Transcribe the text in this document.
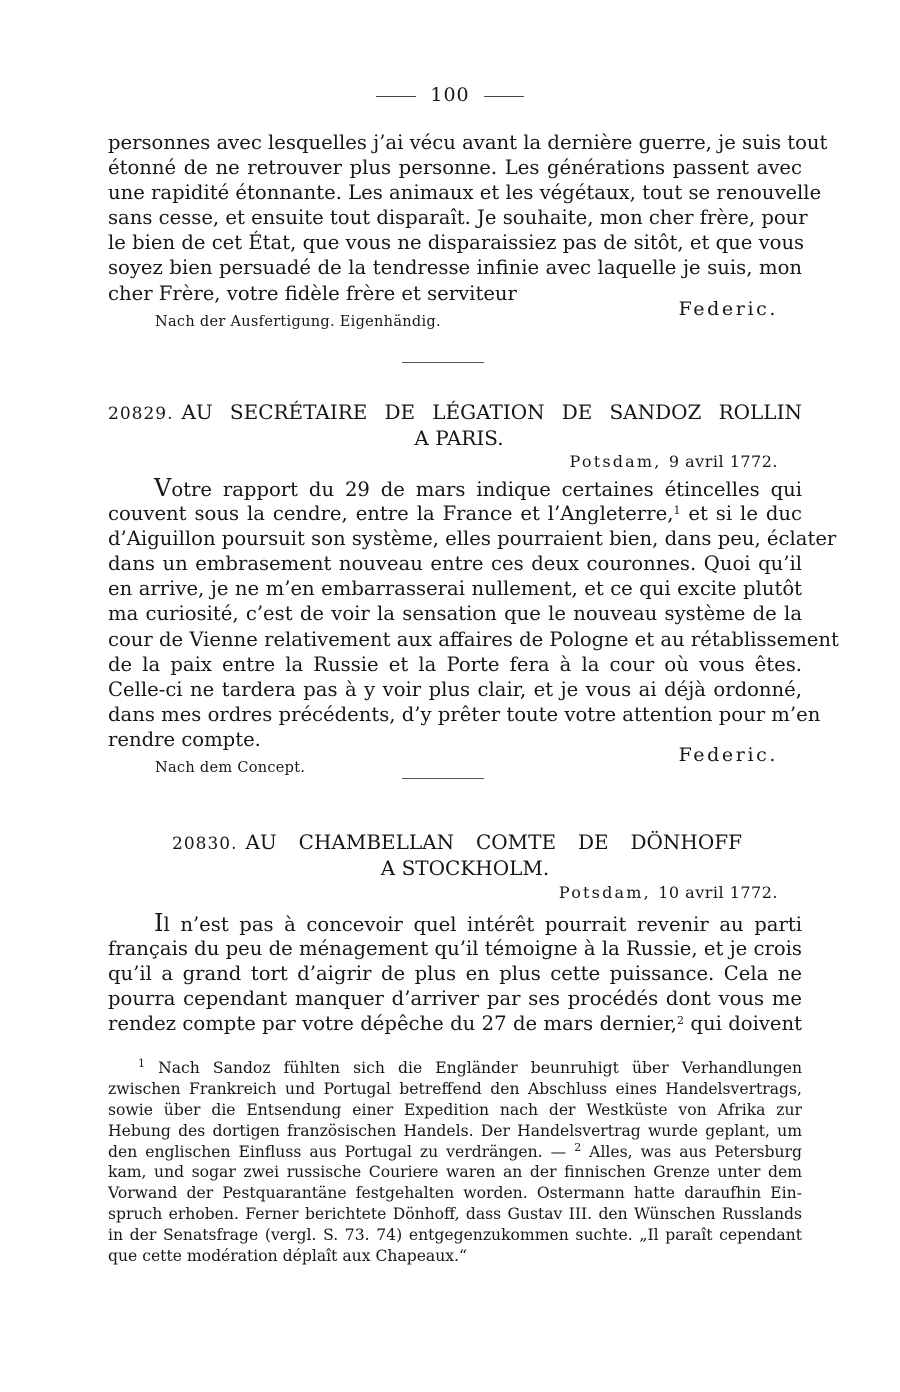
100
personnes avec lesquelles j’ai vécu avant la dernière guerre, je suis tout
étonné de ne retrouver plus personne. Les générations passent avec
une rapidité étonnante. Les animaux et les végétaux, tout se renouvelle
sans cesse, et ensuite tout disparaît. Je souhaite, mon cher frère, pour
le bien de cet État, que vous ne disparaissiez pas de sitôt, et que vous
soyez bien persuadé de la tendresse infinie avec laquelle je suis, mon
cher Frère, votre fidèle frère et serviteur
Federic.
Nach der Ausfertigung. Eigenhändig.
20829. AU SECRÉTAIRE DE LÉGATION DE SANDOZ ROLLIN
A PARIS.
Potsdam, 9 avril 1772.
Votre rapport du 29 de mars indique certaines étincelles qui
couvent sous la cendre, entre la France et l’Angleterre,$^1$ et si le duc
d’Aiguillon poursuit son système, elles pourraient bien, dans peu, éclater
dans un embrasement nouveau entre ces deux couronnes. Quoi qu’il
en arrive, je ne m’en embarrasserai nullement, et ce qui excite plutôt
ma curiosité, c’est de voir la sensation que le nouveau système de la
cour de Vienne relativement aux affaires de Pologne et au rétablissement
de la paix entre la Russie et la Porte fera à la cour où vous êtes.
Celle-ci ne tardera pas à y voir plus clair, et je vous ai déjà ordonné,
dans mes ordres précédents, d’y prêter toute votre attention pour m’en
rendre compte.
Federic.
Nach dem Concept.
20830. AU CHAMBELLAN COMTE DE DÖNHOFF
A STOCKHOLM.
Potsdam, 10 avril 1772.
Il n’est pas à concevoir quel intérêt pourrait revenir au parti
français du peu de ménagement qu’il témoigne à la Russie, et je crois
qu’il a grand tort d’aigrir de plus en plus cette puissance. Cela ne
pourra cependant manquer d’arriver par ses procédés dont vous me
rendez compte par votre dépêche du 27 de mars dernier,$^2$ qui doivent
$^1$ Nach Sandoz fühlten sich die Engländer beunruhigt über Verhandlungen
zwischen Frankreich und Portugal betreffend den Abschluss eines Handelsvertrags,
sowie über die Entsendung einer Expedition nach der Westküste von Afrika zur
Hebung des dortigen französischen Handels. Der Handelsvertrag wurde geplant, um
den englischen Einfluss aus Portugal zu verdrängen. — $^2$ Alles, was aus Petersburg
kam, und sogar zwei russische Couriere waren an der finnischen Grenze unter dem
Vorwand der Pestquarantäne festgehalten worden. Ostermann hatte daraufhin Ein-
spruch erhoben. Ferner berichtete Dönhoff, dass Gustav III. den Wünschen Russlands
in der Senatsfrage (vergl. S. 73. 74) entgegenzukommen suchte. „Il paraît cependant
que cette modération déplaît aux Chapeaux.“
